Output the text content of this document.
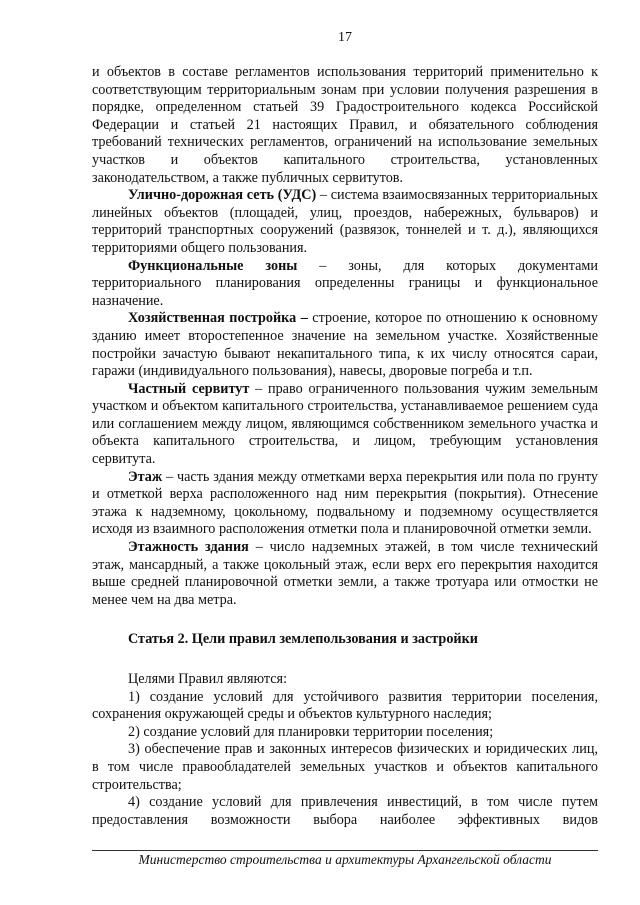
17

и объектов в составе регламентов использования территорий применительно к соответствующим территориальным зонам при условии получения разрешения в порядке, определенном статьей 39 Градостроительного кодекса Российской Федерации и статьей 21 настоящих Правил, и обязательного соблюдения требований технических регламентов, ограничений на использование земельных участков и объектов капитального строительства, установленных законодательством, а также публичных сервитутов.

Улично-дорожная сеть (УДС) – система взаимосвязанных территориальных линейных объектов (площадей, улиц, проездов, набережных, бульваров) и территорий транспортных сооружений (развязок, тоннелей и т. д.), являющихся территориями общего пользования.

Функциональные зоны – зоны, для которых документами территориального планирования определенны границы и функциональное назначение.

Хозяйственная постройка – строение, которое по отношению к основному зданию имеет второстепенное значение на земельном участке. Хозяйственные постройки зачастую бывают некапитального типа, к их числу относятся сараи, гаражи (индивидуального пользования), навесы, дворовые погреба и т.п.

Частный сервитут – право ограниченного пользования чужим земельным участком и объектом капитального строительства, устанавливаемое решением суда или соглашением между лицом, являющимся собственником земельного участка и объекта капитального строительства, и лицом, требующим установления сервитута.

Этаж – часть здания между отметками верха перекрытия или пола по грунту и отметкой верха расположенного над ним перекрытия (покрытия). Отнесение этажа к надземному, цокольному, подвальному и подземному осуществляется исходя из взаимного расположения отметки пола и планировочной отметки земли.

Этажность здания – число надземных этажей, в том числе технический этаж, мансардный, а также цокольный этаж, если верх его перекрытия находится выше средней планировочной отметки земли, а также тротуара или отмостки не менее чем на два метра.

Статья 2. Цели правил землепользования и застройки

Целями Правил являются:

1) создание условий для устойчивого развития территории поселения, сохранения окружающей среды и объектов культурного наследия;

2) создание условий для планировки территории поселения;

3) обеспечение прав и законных интересов физических и юридических лиц, в том числе правообладателей земельных участков и объектов капитального строительства;

4) создание условий для привлечения инвестиций, в том числе путем предоставления возможности выбора наиболее эффективных видов

Министерство строительства и архитектуры Архангельской области
